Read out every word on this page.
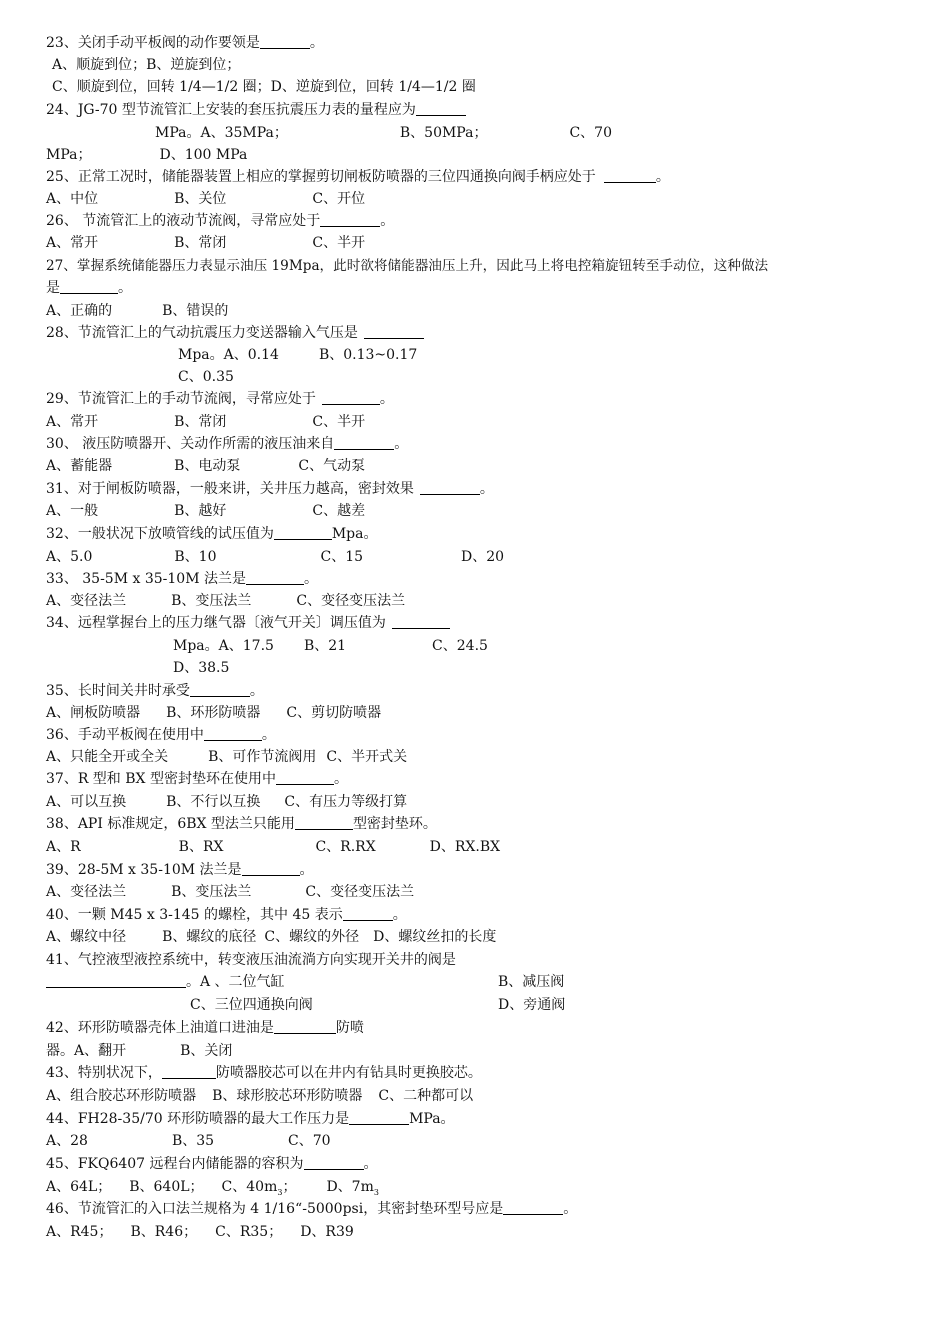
23、关闭手动平板阀的动作要领是	。
A、顺旋到位；B、逆旋到位；
C、顺旋到位，回转 1/4—1/2 圈；D、逆旋到位，回转 1/4—1/2 圈
24、JG-70 型节流管汇上安装的套压抗震压力表的量程应为
MPa。A、35MPa；	B、50MPa；	C、70
MPa；	D、100 MPa
25、正常工况时，储能器装置上相应的掌握剪切闸板防喷器的三位四通换向阀手柄应处于	。
A、中位	B、关位	C、开位
26、 节流管汇上的液动节流阀，寻常应处于	。
A、常开	B、常闭	C、半开
27、掌握系统储能器压力表显示油压 19Mpa，此时欲将储能器油压上升，因此马上将电控箱旋钮转至手动位，这种做法
是	。
A、正确的	B、错误的
28、节流管汇上的气动抗震压力变送器输入气压是
Mpa。A、0.14	B、0.13~0.17
C、0.35
29、节流管汇上的手动节流阀，寻常应处于	。
A、常开	B、常闭	C、半开
30、 液压防喷器开、关动作所需的液压油来自	。
A、蓄能器	B、电动泵	C、气动泵
31、对于闸板防喷器，一般来讲，关井压力越高，密封效果	。
A、一般	B、越好	C、越差
32、一般状况下放喷管线的试压值为	Mpa。
A、5.0	B、10	C、15	D、20
33、 35-5M x 35-10M 法兰是	。
A、变径法兰	B、变压法兰	C、变径变压法兰
34、远程掌握台上的压力继气器〔液气开关〕调压值为
Mpa。A、17.5 B、21	C、24.5
D、38.5
35、长时间关井时承受	。
A、闸板防喷器 B、环形防喷器 C、剪切防喷器
36、手动平板阀在使用中	。
A、只能全开或全关	B、可作节流阀用 C、半开式关
37、R 型和 BX 型密封垫环在使用中	。
A、可以互换	B、不行以互换 C、有压力等级打算
38、API 标准规定，6BX 型法兰只能用	型密封垫环。
A、R	B、RX	C、R.RX	D、RX.BX
39、28-5M x 35-10M 法兰是	。
A、变径法兰	B、变压法兰	C、变径变压法兰
40、一颗 M45 x 3-145 的螺栓，其中 45 表示	。
A、螺纹中径	B、螺纹的底径 C、螺纹的外径 D、螺纹丝扣的长度
41、气控液型液控系统中，转变液压油流淌方向实现开关井的阀是
。A 、二位气缸	B、减压阀
C、三位四通换向阀	D、旁通阀
42、环形防喷器壳体上油道口进油是	防喷
器。A、翻开	B、关闭
43、特别状况下，	防喷器胶芯可以在井内有钻具时更换胶芯。
A、组合胶芯环形防喷器 B、球形胶芯环形防喷器 C、二种都可以
44、FH28-35/70 环形防喷器的最大工作压力是	MPa。
A、28	B、35	C、70
45、FKQ6407 远程台内储能器的容积为	。
A、64L； B、640L； C、$40m_3$； D、$7m_3$
46、节流管汇的入口法兰规格为 4 1/16“-5000psi，其密封垫环型号应是	。
A、R45； B、R46； C、R35； D、R39
